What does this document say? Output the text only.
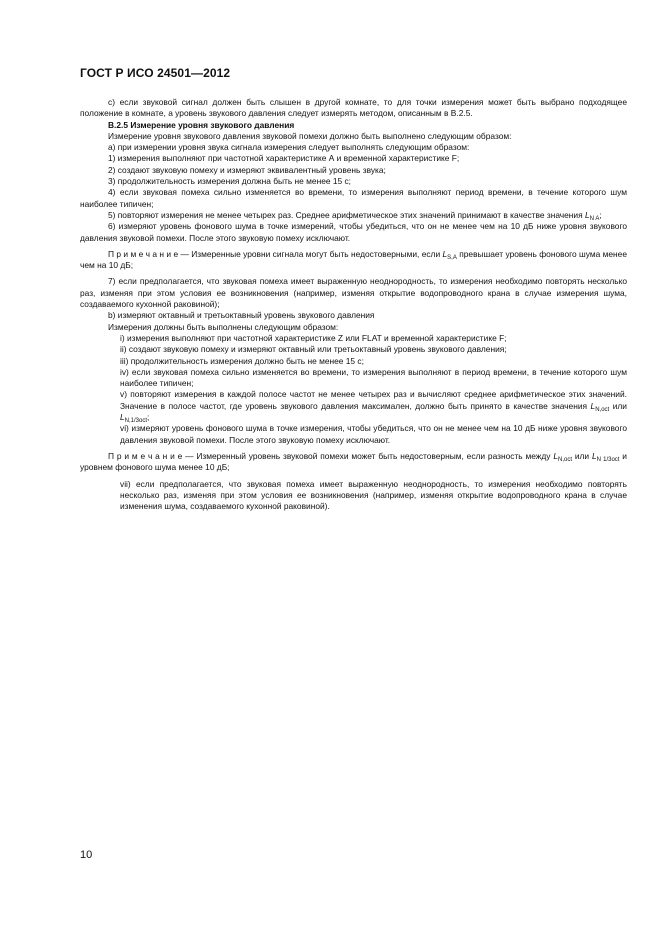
ГОСТ Р ИСО 24501—2012

c) если звуковой сигнал должен быть слышен в другой комнате, то для точки измерения может быть выбрано подходящее положение в комнате, а уровень звукового давления следует измерять методом, описанным в В.2.5.

В.2.5 Измерение уровня звукового давления

Измерение уровня звукового давления звуковой помехи должно быть выполнено следующим образом:

а) при измерении уровня звука сигнала измерения следует выполнять следующим образом:

1) измерения выполняют при частотной характеристике А и временной характеристике F;

2) создают звуковую помеху и измеряют эквивалентный уровень звука;

3) продолжительность измерения должна быть не менее 15 с;

4) если звуковая помеха сильно изменяется во времени, то измерения выполняют период времени, в течение которого шум наиболее типичен;

5) повторяют измерения не менее четырех раз. Среднее арифметическое этих значений принимают в качестве значения $L_{N A}$;

6) измеряют уровень фонового шума в точке измерений, чтобы убедиться, что он не менее чем на 10 дБ ниже уровня звукового давления звуковой помехи. После этого звуковую помеху исключают.

П р и м е ч а н и е — Измеренные уровни сигнала могут быть недостоверными, если $L_{S,A}$ превышает уровень фонового шума менее чем на 10 дБ;

7) если предполагается, что звуковая помеха имеет выраженную неоднородность, то измерения необходимо повторять несколько раз, изменяя при этом условия ее возникновения (например, изменяя открытие водопроводного крана в случае измерения шума, создаваемого кухонной раковиной);

b) измеряют октавный и третьоктавный уровень звукового давления

Измерения должны быть выполнены следующим образом:

i) измерения выполняют при частотной характеристике Z или FLAT и временной характеристике F;

ii) создают звуковую помеху и измеряют октавный или третьоктавный уровень звукового давления;

iii) продолжительность измерения должно быть не менее 15 с;

iv) если звуковая помеха сильно изменяется во времени, то измерения выполняют в период времени, в течение которого шум наиболее типичен;

v) повторяют измерения в каждой полосе частот не менее четырех раз и вычисляют среднее арифметическое этих значений. Значение в полосе частот, где уровень звукового давления максимален, должно быть принято в качестве значения $L_{N,oct}$ или $L_{N,1/3oct}$;

vi) измеряют уровень фонового шума в точке измерения, чтобы убедиться, что он не менее чем на 10 дБ ниже уровня звукового давления звуковой помехи. После этого звуковую помеху исключают.

П р и м е ч а н и е — Измеренный уровень звуковой помехи может быть недостоверным, если разность между $L_{N,oct}$ или $L_{N 1/3oct}$ и уровнем фонового шума менее 10 дБ;

vii) если предполагается, что звуковая помеха имеет выраженную неоднородность, то измерения необходимо повторять несколько раз, изменяя при этом условия ее возникновения (например, изменяя открытие водопроводного крана в случае изменения шума, создаваемого кухонной раковиной).

10
